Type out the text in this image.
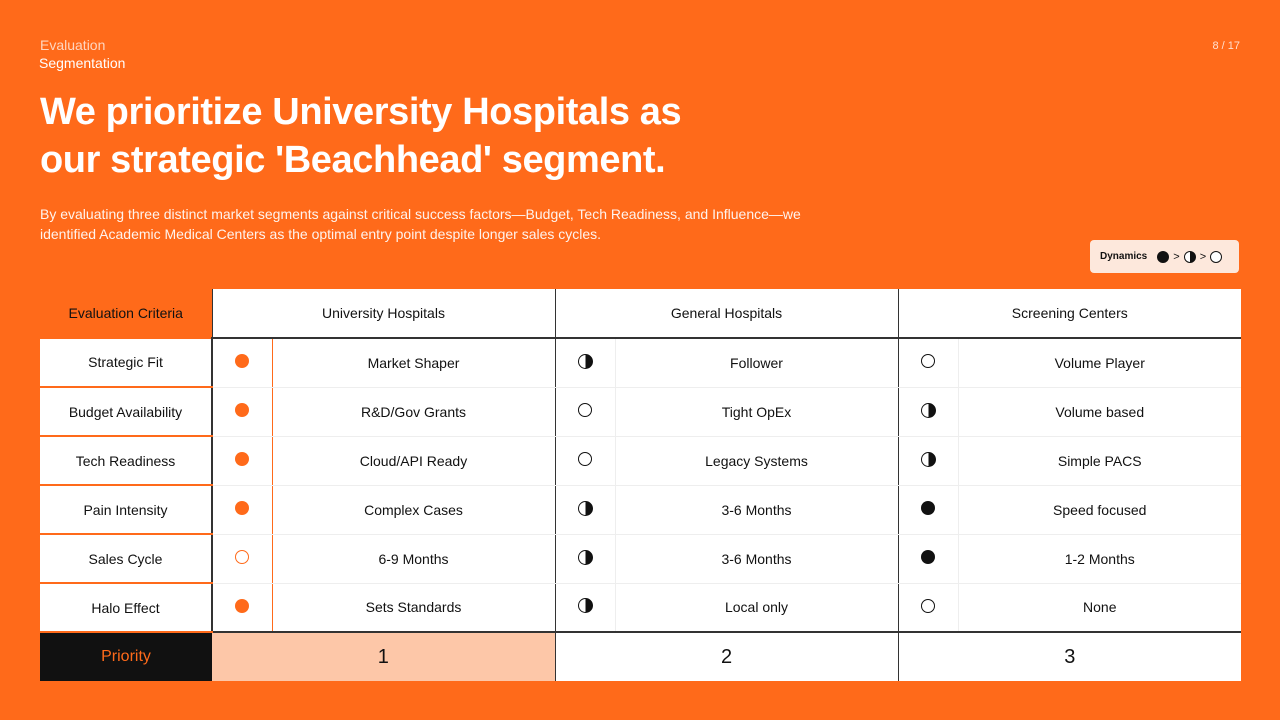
Evaluation
Segmentation
8 / 17
We prioritize University Hospitals as
our strategic 'Beachhead' segment.

By evaluating three distinct market segments against critical success factors—Budget, Tech Readiness, and Influence—we identified Academic Medical Centers as the optimal entry point despite longer sales cycles.

Dynamics > >
Evaluation Criteria	University Hospitals		General Hospitals		Screening Centers	
Strategic Fit		Market Shaper		Follower		Volume Player
Budget Availability		R&D/Gov Grants		Tight OpEx		Volume based
Tech Readiness		Cloud/API Ready		Legacy Systems		Simple PACS
Pain Intensity		Complex Cases		3-6 Months		Speed focused
Sales Cycle		6-9 Months		3-6 Months		1-2 Months
Halo Effect		Sets Standards		Local only		None
Priority	1		2		3	
